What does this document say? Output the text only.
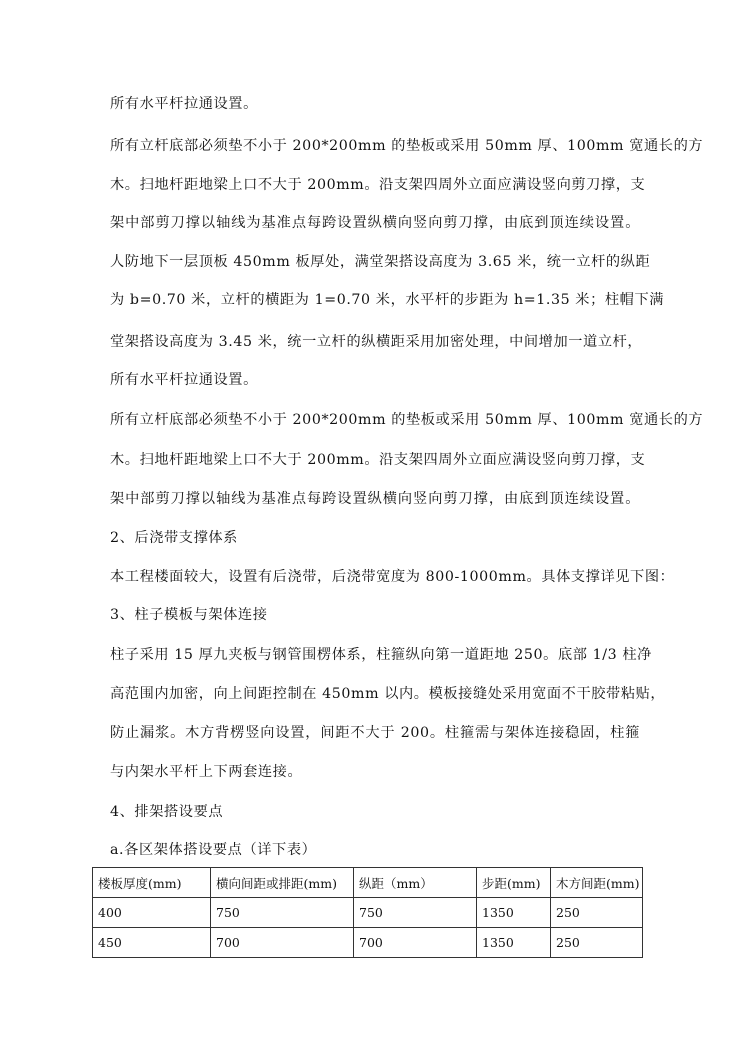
所有水平杆拉通设置。
所有立杆底部必须垫不小于 200*200mm 的垫板或采用 50mm 厚、100mm 宽通长的方
木。扫地杆距地梁上口不大于 200mm。沿支架四周外立面应满设竖向剪刀撑，支
架中部剪刀撑以轴线为基准点每跨设置纵横向竖向剪刀撑，由底到顶连续设置。
人防地下一层顶板 450mm 板厚处，满堂架搭设高度为 3.65 米，统一立杆的纵距
为 b=0.70 米，立杆的横距为 1=0.70 米，水平杆的步距为 h=1.35 米；柱帽下满
堂架搭设高度为 3.45 米，统一立杆的纵横距采用加密处理，中间增加一道立杆，
所有水平杆拉通设置。
所有立杆底部必须垫不小于 200*200mm 的垫板或采用 50mm 厚、100mm 宽通长的方
木。扫地杆距地梁上口不大于 200mm。沿支架四周外立面应满设竖向剪刀撑，支
架中部剪刀撑以轴线为基准点每跨设置纵横向竖向剪刀撑，由底到顶连续设置。
2、后浇带支撑体系
本工程楼面较大，设置有后浇带，后浇带宽度为 800-1000mm。具体支撑详见下图：
3、柱子模板与架体连接
柱子采用 15 厚九夹板与钢管围楞体系，柱箍纵向第一道距地 250。底部 1/3 柱净
高范围内加密，向上间距控制在 450mm 以内。模板接缝处采用宽面不干胶带粘贴，
防止漏浆。木方背楞竖向设置，间距不大于 200。柱箍需与架体连接稳固，柱箍
与内架水平杆上下两套连接。
4、排架搭设要点
a.各区架体搭设要点（详下表）
楼板厚度(mm)	横向间距或排距(mm)	纵距（mm）	步距(mm)	木方间距(mm)
400	750	750	1350	250
450	700	700	1350	250
